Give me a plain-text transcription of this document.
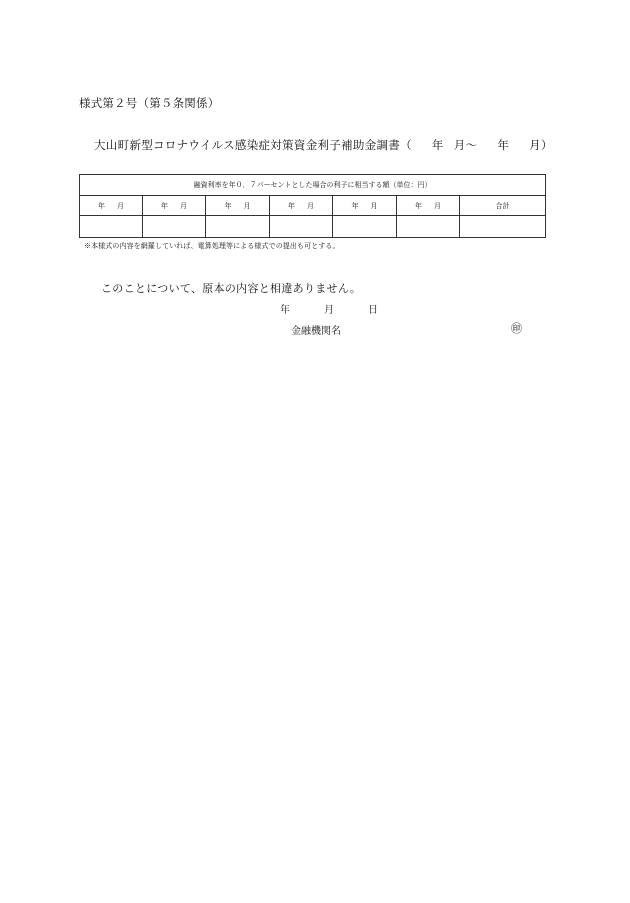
様式第２号（第５条関係）
大山町新型コロナウイルス感染症対策資金利子補助金調書（ 年 月～ 年 月）
融資利率を年０．７パーセントとした場合の利子に相当する額（単位：円）						
年 月	年 月	年 月	年 月	年 月	年 月	合計

※本様式の内容を網羅していれば、電算処理等による様式での提出も可とする。
このことについて、原本の内容と相違ありません。
年	月	日
金融機関名	㊞
